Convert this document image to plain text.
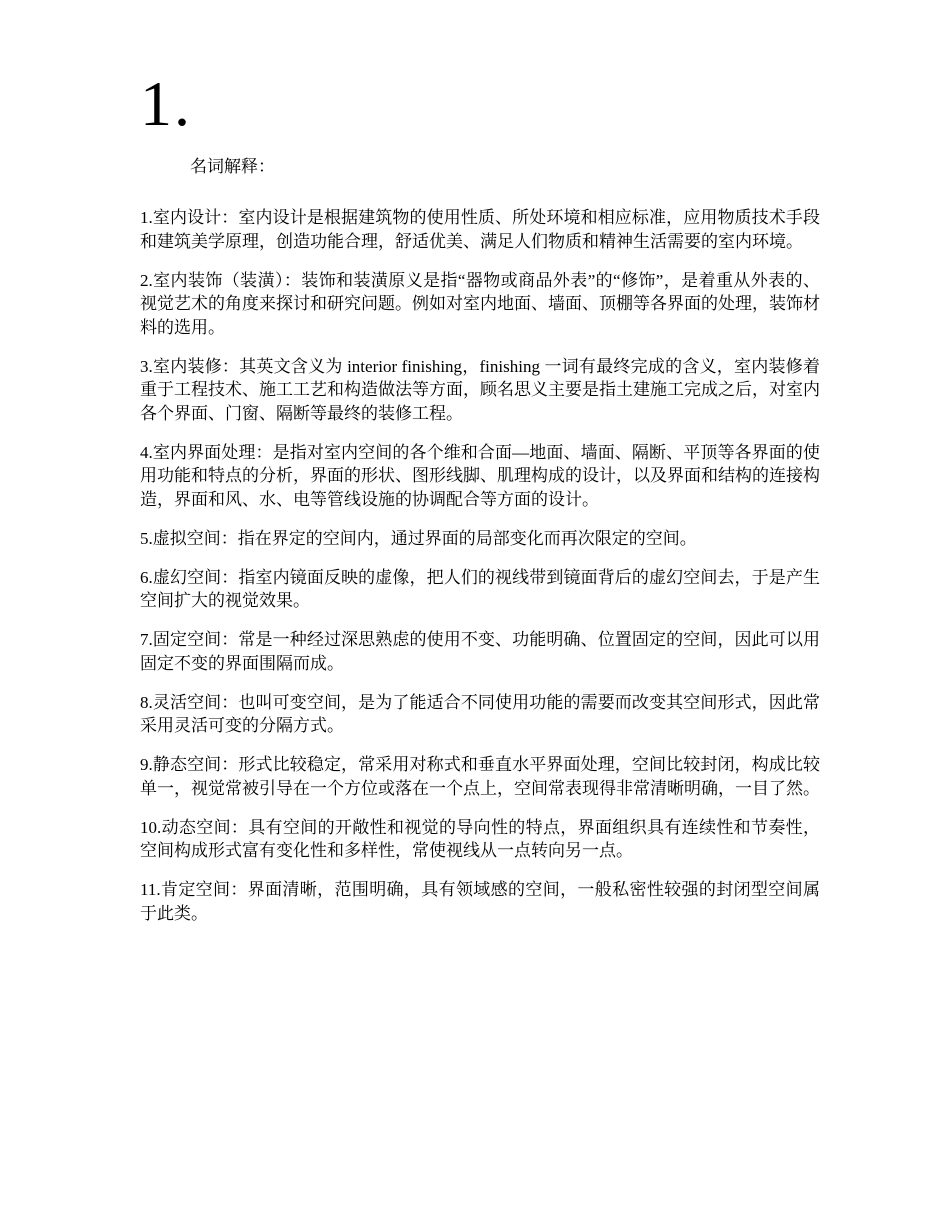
1.
名词解释：

1.室内设计：室内设计是根据建筑物的使用性质、所处环境和相应标准，应用物质技术手段和建筑美学原理，创造功能合理，舒适优美、满足人们物质和精神生活需要的室内环境。

2.室内装饰（装潢）：装饰和装潢原义是指“器物或商品外表”的“修饰”，是着重从外表的、视觉艺术的角度来探讨和研究问题。例如对室内地面、墙面、顶棚等各界面的处理，装饰材料的选用。

3.室内装修：其英文含义为 interior finishing，finishing 一词有最终完成的含义，室内装修着重于工程技术、施工工艺和构造做法等方面，顾名思义主要是指土建施工完成之后，对室内各个界面、门窗、隔断等最终的装修工程。

4.室内界面处理：是指对室内空间的各个维和合面—地面、墙面、隔断、平顶等各界面的使用功能和特点的分析，界面的形状、图形线脚、肌理构成的设计，以及界面和结构的连接构造，界面和风、水、电等管线设施的协调配合等方面的设计。

5.虚拟空间：指在界定的空间内，通过界面的局部变化而再次限定的空间。

6.虚幻空间：指室内镜面反映的虚像，把人们的视线带到镜面背后的虚幻空间去，于是产生空间扩大的视觉效果。

7.固定空间：常是一种经过深思熟虑的使用不变、功能明确、位置固定的空间，因此可以用固定不变的界面围隔而成。

8.灵活空间：也叫可变空间，是为了能适合不同使用功能的需要而改变其空间形式，因此常采用灵活可变的分隔方式。

9.静态空间：形式比较稳定，常采用对称式和垂直水平界面处理，空间比较封闭，构成比较单一，视觉常被引导在一个方位或落在一个点上，空间常表现得非常清晰明确，一目了然。

10.动态空间：具有空间的开敞性和视觉的导向性的特点，界面组织具有连续性和节奏性，空间构成形式富有变化性和多样性，常使视线从一点转向另一点。

11.肯定空间：界面清晰，范围明确，具有领域感的空间，一般私密性较强的封闭型空间属于此类。
